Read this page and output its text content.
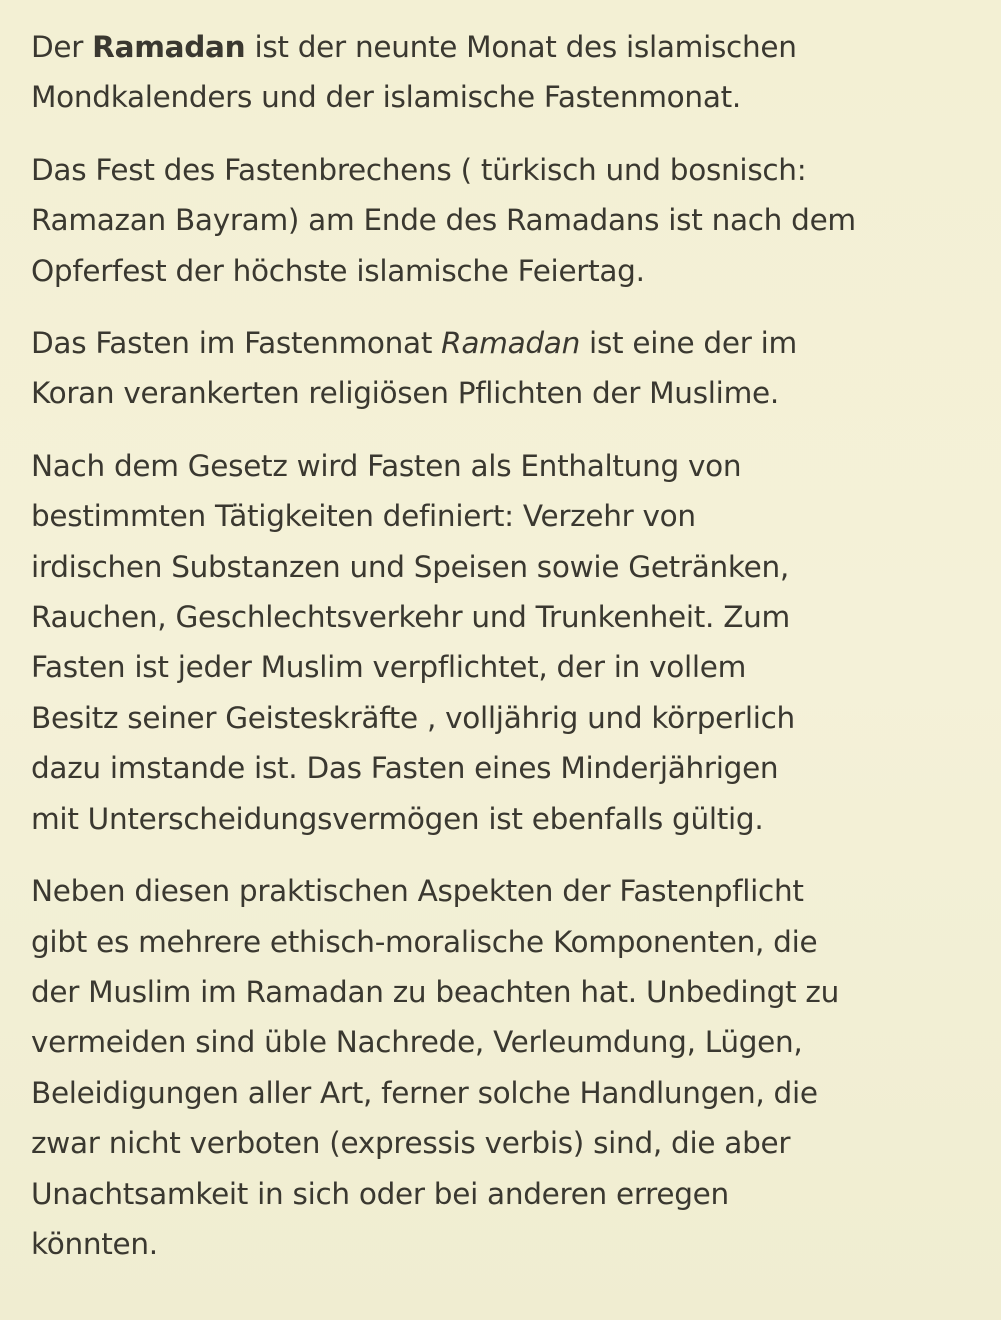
Der Ramadan ist der neunte Monat des islamischen
Mondkalenders und der islamische Fastenmonat.

Das Fest des Fastenbrechens ( türkisch und bosnisch:
Ramazan Bayram) am Ende des Ramadans ist nach dem
Opferfest der höchste islamische Feiertag.

Das Fasten im Fastenmonat Ramadan ist eine der im
Koran verankerten religiösen Pflichten der Muslime.

Nach dem Gesetz wird Fasten als Enthaltung von
bestimmten Tätigkeiten definiert: Verzehr von
irdischen Substanzen und Speisen sowie Getränken,
Rauchen, Geschlechtsverkehr und Trunkenheit. Zum
Fasten ist jeder Muslim verpflichtet, der in vollem
Besitz seiner Geisteskräfte , volljährig und körperlich
dazu imstande ist. Das Fasten eines Minderjährigen
mit Unterscheidungsvermögen ist ebenfalls gültig.

Neben diesen praktischen Aspekten der Fastenpflicht
gibt es mehrere ethisch-moralische Komponenten, die
der Muslim im Ramadan zu beachten hat. Unbedingt zu
vermeiden sind üble Nachrede, Verleumdung, Lügen,
Beleidigungen aller Art, ferner solche Handlungen, die
zwar nicht verboten (expressis verbis) sind, die aber
Unachtsamkeit in sich oder bei anderen erregen
könnten.
